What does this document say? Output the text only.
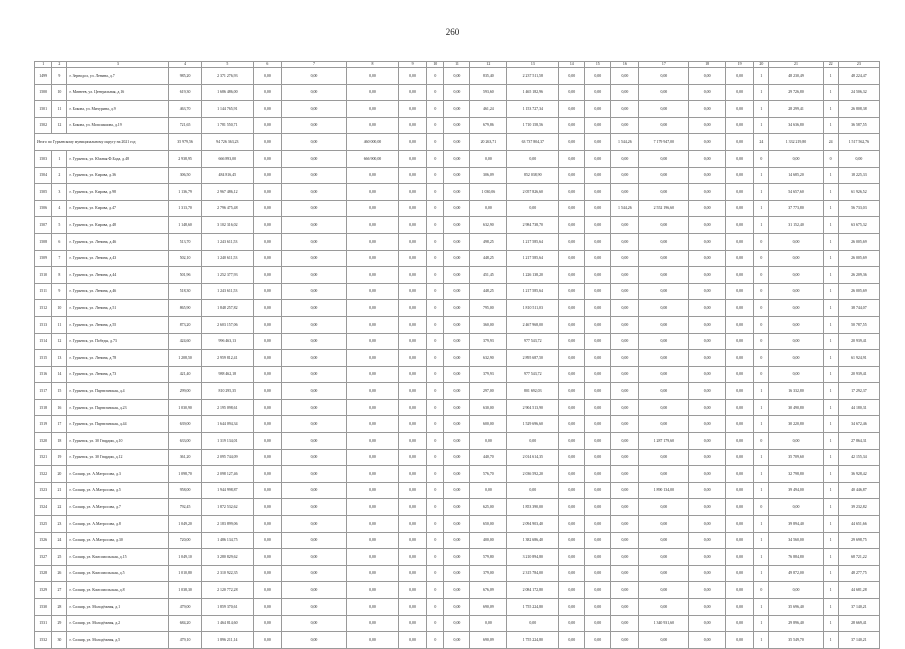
260
1	2	3	4	5	6	7	8	9	10	11	12	13	14	15	16	17	18	19	20	21	22	23
1499	9	г. Зернодол, ул. Ленина, д.7	985,20	2 371 276,93	0,00	0,00	0,00	0,00	0	0,00	835,40	2 237 511,58	0,00	0,00	0,00	0,00	0,00	0,00	1	48 230,49	1	48 224,47
1500	10	г. Матвеев, ул. Центральная, д.16	619,30	1 686 486,00	0,00	0,00	0,00	0,00	0	0,00	593,60	1 465 182,96	0,00	0,00	0,00	0,00	0,00	0,00	1	29 726,80	1	24 506,32
1501	11	г. Бокова, ул. Мичурина, д.9	463,70	1 144 765,91	0,00	0,00	0,00	0,00	0	0,00	461,24	1 153 727,34	0,00	0,00	0,00	0,00	0,00	0,00	1	28 299,41	1	26 808,38
1502	12	г. Бокова, ул. Мопсиашова, д.19	721,65	1 781 550,71	0,00	0,00	0,00	0,00	0	0,00	679,86	1 710 158,56	0,00	0,00	0,00	0,00	0,00	0,00	1	34 636,80	1	36 587,55
Итого по Гурьевскому муниципальному округу на 2021 год			35 979,56	94 726 363,23	0,00	0,00	460 000,00	0,00	0	0,00	20 263,71	63 737 804,37	0,00	0,00	1 544,26	7 179 947,00	0,00	0,00	24	1 332 219,80	24	1 517 562,76
1503	1	г. Гурьевск, ул. Южная Ф.Бода, д.48	2 938,95	666 893,00	0,00	0,00	666 900,00	0,00	0	0,00	0,00	0,00	0,00	0,00	0,00	0,00	0,00	0,00	0	0,00	0	0,00
1504	2	г. Гурьевск, ул. Кирова, д.36	306,50	484 816,45	0,00	0,00	0,00	0,00	0	0,00	306,09	852 038,90	0,00	0,00	0,00	0,00	0,00	0,00	1	14 685,20	1	18 225,33
1505	3	г. Гурьевск, ул. Кирова, д.98	1 136,79	2 967 486,12	0,00	0,00	0,00	0,00	0	0,00	1 030,06	2 057 826,60	0,00	0,00	0,00	0,00	0,00	0,00	1	54 657,60	1	61 926,52
1506	4	г. Гурьевск, ул. Кирова, д.47	1 313,70	2 796 475,48	0,00	0,00	0,00	0,00	0	0,00	0,00	0,00	0,00	0,00	1 544,26	2 552 196,60	0,00	0,00	1	37 773,80	1	56 733,03
1507	5	г. Гурьевск, ул. Кирова, д.48	1 148,60	3 102 316,02	0,00	0,00	0,00	0,00	0	0,00	632,90	2 984 738,70	0,00	0,00	0,00	0,00	0,00	0,00	1	31 152,40	1	63 675,32
1508	6	г. Гурьевск, ул. Ленина, д.46	513,70	1 243 611,53	0,00	0,00	0,00	0,00	0	0,00	498,25	1 217 585,64	0,00	0,00	0,00	0,00	0,00	0,00	0	0,00	1	26 005,69
1509	7	г. Гурьевск, ул. Ленина, д.43	502,10	1 240 611,53	0,00	0,00	0,00	0,00	0	0,00	448,25	1 217 585,64	0,00	0,00	0,00	0,00	0,00	0,00	0	0,00	1	26 005,69
1510	8	г. Гурьевск, ул. Ленина, д.44	501,96	1 252 377,93	0,00	0,00	0,00	0,00	0	0,00	451,45	1 226 138,20	0,00	0,00	0,00	0,00	0,00	0,00	0	0,00	1	26 209,36
1511	9	г. Гурьевск, ул. Ленина, д.46	518,30	1 243 611,53	0,00	0,00	0,00	0,00	0	0,00	448,25	1 217 585,64	0,00	0,00	0,00	0,00	0,00	0,00	0	0,00	1	26 005,69
1512	10	г. Гурьевск, ул. Ленина, д.51	865,90	1 848 257,82	0,00	0,00	0,00	0,00	0	0,00	795,00	1 810 511,03	0,00	0,00	0,00	0,00	0,00	0,00	0	0,00	1	38 744,07
1513	11	г. Гурьевск, ул. Ленина, д.55	873,20	2 603 157,06	0,00	0,00	0,00	0,00	0	0,00	360,00	2 467 968,00	0,00	0,00	0,00	0,00	0,00	0,00	0	0,00	1	50 787,55
1514	12	г. Гурьевск, ул. Победы, д.73	424,60	996 463,13	0,00	0,00	0,00	0,00	0	0,00	379,93	977 543,72	0,00	0,00	0,00	0,00	0,00	0,00	0	0,00	1	20 939,41
1515	13	г. Гурьевск, ул. Ленина, д.78	1 208,50	2 959 812,41	0,00	0,00	0,00	0,00	0	0,00	632,90	2 895 687,50	0,00	0,00	0,00	0,00	0,00	0,00	0	0,00	1	61 924,91
1516	14	г. Гурьевск, ул. Ленина, д.73	421,40	988 462,18	0,00	0,00	0,00	0,00	0	0,00	379,93	977 543,72	0,00	0,00	0,00	0,00	0,00	0,00	0	0,00	1	20 939,41
1517	15	г. Гурьевск, ул. Партизанская, д.4	299,00	810 295,35	0,00	0,00	0,00	0,00	0	0,00	297,00	801 692,03	0,00	0,00	0,00	0,00	0,00	0,00	1	16 332,80	1	17 292,37
1518	16	г. Гурьевск, ул. Партизанская, д.23	1 030,90	2 195 098,61	0,00	0,00	0,00	0,00	0	0,00	630,00	2 904 513,90	0,00	0,00	0,00	0,00	0,00	0,00	1	30 490,80	1	44 180,31
1519	17	г. Гурьевск, ул. Партизанская, д.44	639,00	1 644 094,34	0,00	0,00	0,00	0,00	0	0,00	600,00	1 529 696,60	0,00	0,00	0,00	0,00	0,00	0,00	1	30 220,80	1	34 672,46
1520	18	г. Гурьевск, ул. 30 Гвардии, д.10	633,00	1 319 134,01	0,00	0,00	0,00	0,00	0	0,00	0,00	0,00	0,00	0,00	0,00	1 287 179,60	0,00	0,00	0	0,00	1	27 864,31
1521	19	г. Гурьевск, ул. 30 Гвардии, д.12	361,20	2 095 744,09	0,00	0,00	0,00	0,00	0	0,00	440,70	2 014 614,35	0,00	0,00	0,00	0,00	0,00	0,00	1	35 709,60	1	42 155,34
1522	20	г. Салаир, ул. А.Матросова, д.3	1 098,70	2 098 127,46	0,00	0,00	0,00	0,00	0	0,00	576,70	2 036 592,20	0,00	0,00	0,00	0,00	0,00	0,00	1	32 798,80	1	36 928,42
1523	21	г. Салаир, ул. А.Матросова, д.5	958,00	1 944 998,87	0,00	0,00	0,00	0,00	0	0,00	0,00	0,00	0,00	0,00	0,00	1 890 134,00	0,00	0,00	1	39 494,00	1	40 446,87
1524	22	г. Салаир, ул. А.Матросова, д.7	792,45	1 872 532,62	0,00	0,00	0,00	0,00	0	0,00	625,00	1 853 390,00	0,00	0,00	0,00	0,00	0,00	0,00	0	0,00	1	39 232,82
1525	23	г. Салаир, ул. А.Матросова, д.8	1 049,20	2 183 899,06	0,00	0,00	0,00	0,00	0	0,00	650,00	2 094 903,40	0,00	0,00	0,00	0,00	0,00	0,00	1	39 894,40	1	44 651,66
1526	24	г. Салаир, ул. А.Матросова, д.30	720,00	1 486 134,75	0,00	0,00	0,00	0,00	0	0,00	400,00	1 382 686,40	0,00	0,00	0,00	0,00	0,00	0,00	1	34 560,00	1	29 698,75
1527	25	г. Салаир, ул. Комсомольская, д.15	1 049,10	3 280 829,62	0,00	0,00	0,00	0,00	0	0,00	579,80	3 210 894,80	0,00	0,00	0,00	0,00	0,00	0,00	1	76 884,80	1	68 721,22
1528	26	г. Салаир, ул. Комсомольская, д.5	1 010,80	2 310 922,35	0,00	0,00	0,00	0,00	0	0,00	379,00	2 315 784,00	0,00	0,00	0,00	0,00	0,00	0,00	1	49 872,00	1	48 277,75
1529	27	г. Салаир, ул. Комсомольская, д.8	1 038,30	2 120 772,28	0,00	0,00	0,00	0,00	0	0,00	676,09	2 084 172,80	0,00	0,00	0,00	0,00	0,00	0,00	0	0,00	1	44 681,28
1530	28	г. Салаир, ул. Молодёжная, д.1	479,00	1 859 370,61	0,00	0,00	0,00	0,00	0	0,00	690,09	1 755 224,80	0,00	0,00	0,00	0,00	0,00	0,00	1	35 696,40	1	37 140,21
1531	29	г. Салаир, ул. Молодёжная, д.2	684,20	1 464 814,60	0,00	0,00	0,00	0,00	0	0,00	0,00	0,00	0,00	0,00	0,00	1 340 931,60	0,00	0,00	1	29 896,40	1	28 669,41
1532	30	г. Салаир, ул. Молодёжная, д.5	479,10	1 896 211,14	0,00	0,00	0,00	0,00	0	0,00	690,09	1 755 224,80	0,00	0,00	0,00	0,00	0,00	0,00	1	35 549,70	1	37 140,21
